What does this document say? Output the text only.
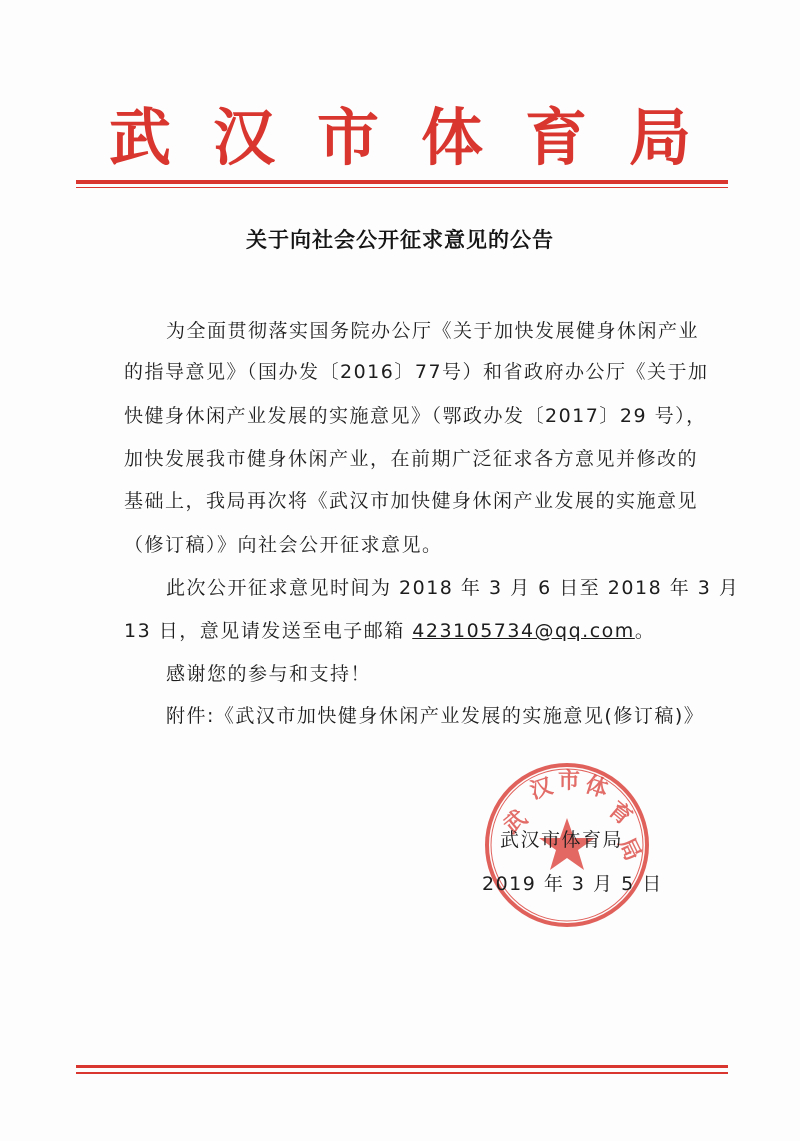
武汉市体育局
关于向社会公开征求意见的公告
为全面贯彻落实国务院办公厅《关于加快发展健身休闲产业
的指导意见》（国办发〔2016〕77号）和省政府办公厅《关于加
快健身休闲产业发展的实施意见》（鄂政办发〔2017〕29 号），
加快发展我市健身休闲产业，在前期广泛征求各方意见并修改的
基础上，我局再次将《武汉市加快健身休闲产业发展的实施意见
（修订稿）》向社会公开征求意见。
此次公开征求意见时间为 2018 年 3 月 6 日至 2018 年 3 月
13 日，意见请发送至电子邮箱 423105734@qq.com。
感谢您的参与和支持！
附件:《武汉市加快健身休闲产业发展的实施意见(修订稿)》
武
汉 市 体
育
局
武汉市体育局
2019 年 3 月 5 日
